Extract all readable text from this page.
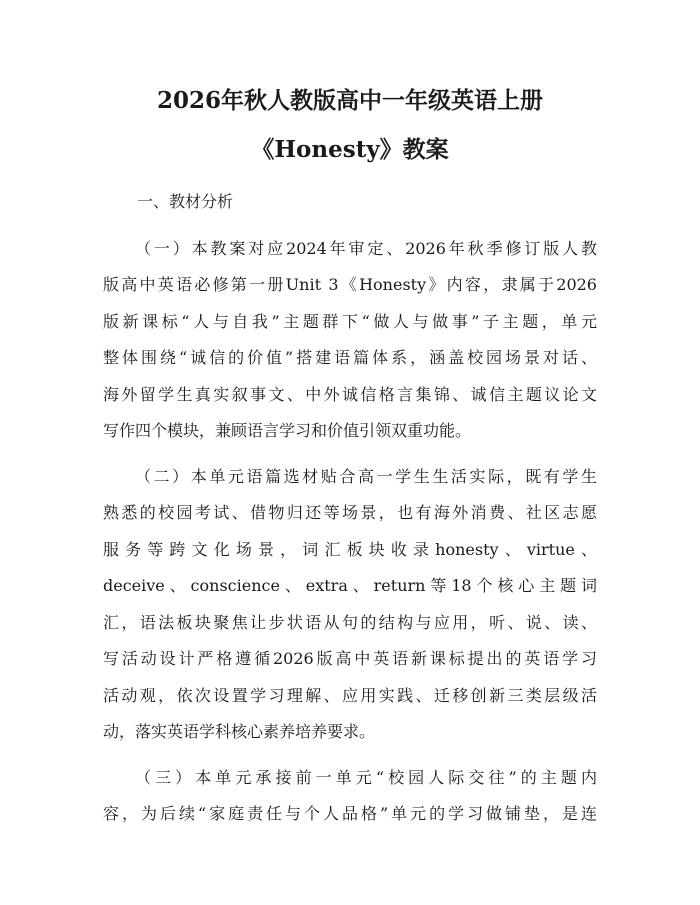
2026年秋人教版高中一年级英语上册
《Honesty》教案
一、教材分析

（一）本教案对应2024年审定、2026年秋季修订版人教

版高中英语必修第一册Unit 3《Honesty》内容，隶属于2026

版新课标“人与自我”主题群下“做人与做事”子主题，单元

整体围绕“诚信的价值”搭建语篇体系，涵盖校园场景对话、

海外留学生真实叙事文、中外诚信格言集锦、诚信主题议论文

写作四个模块，兼顾语言学习和价值引领双重功能。

（二）本单元语篇选材贴合高一学生生活实际，既有学生

熟悉的校园考试、借物归还等场景，也有海外消费、社区志愿

服务等跨文化场景，词汇板块收录honesty、virtue、

deceive、conscience、extra、return等18个核心主题词

汇，语法板块聚焦让步状语从句的结构与应用，听、说、读、

写活动设计严格遵循2026版高中英语新课标提出的英语学习

活动观，依次设置学习理解、应用实践、迁移创新三类层级活

动，落实英语学科核心素养培养要求。

（三）本单元承接前一单元“校园人际交往”的主题内

容，为后续“家庭责任与个人品格”单元的学习做铺垫，是连
